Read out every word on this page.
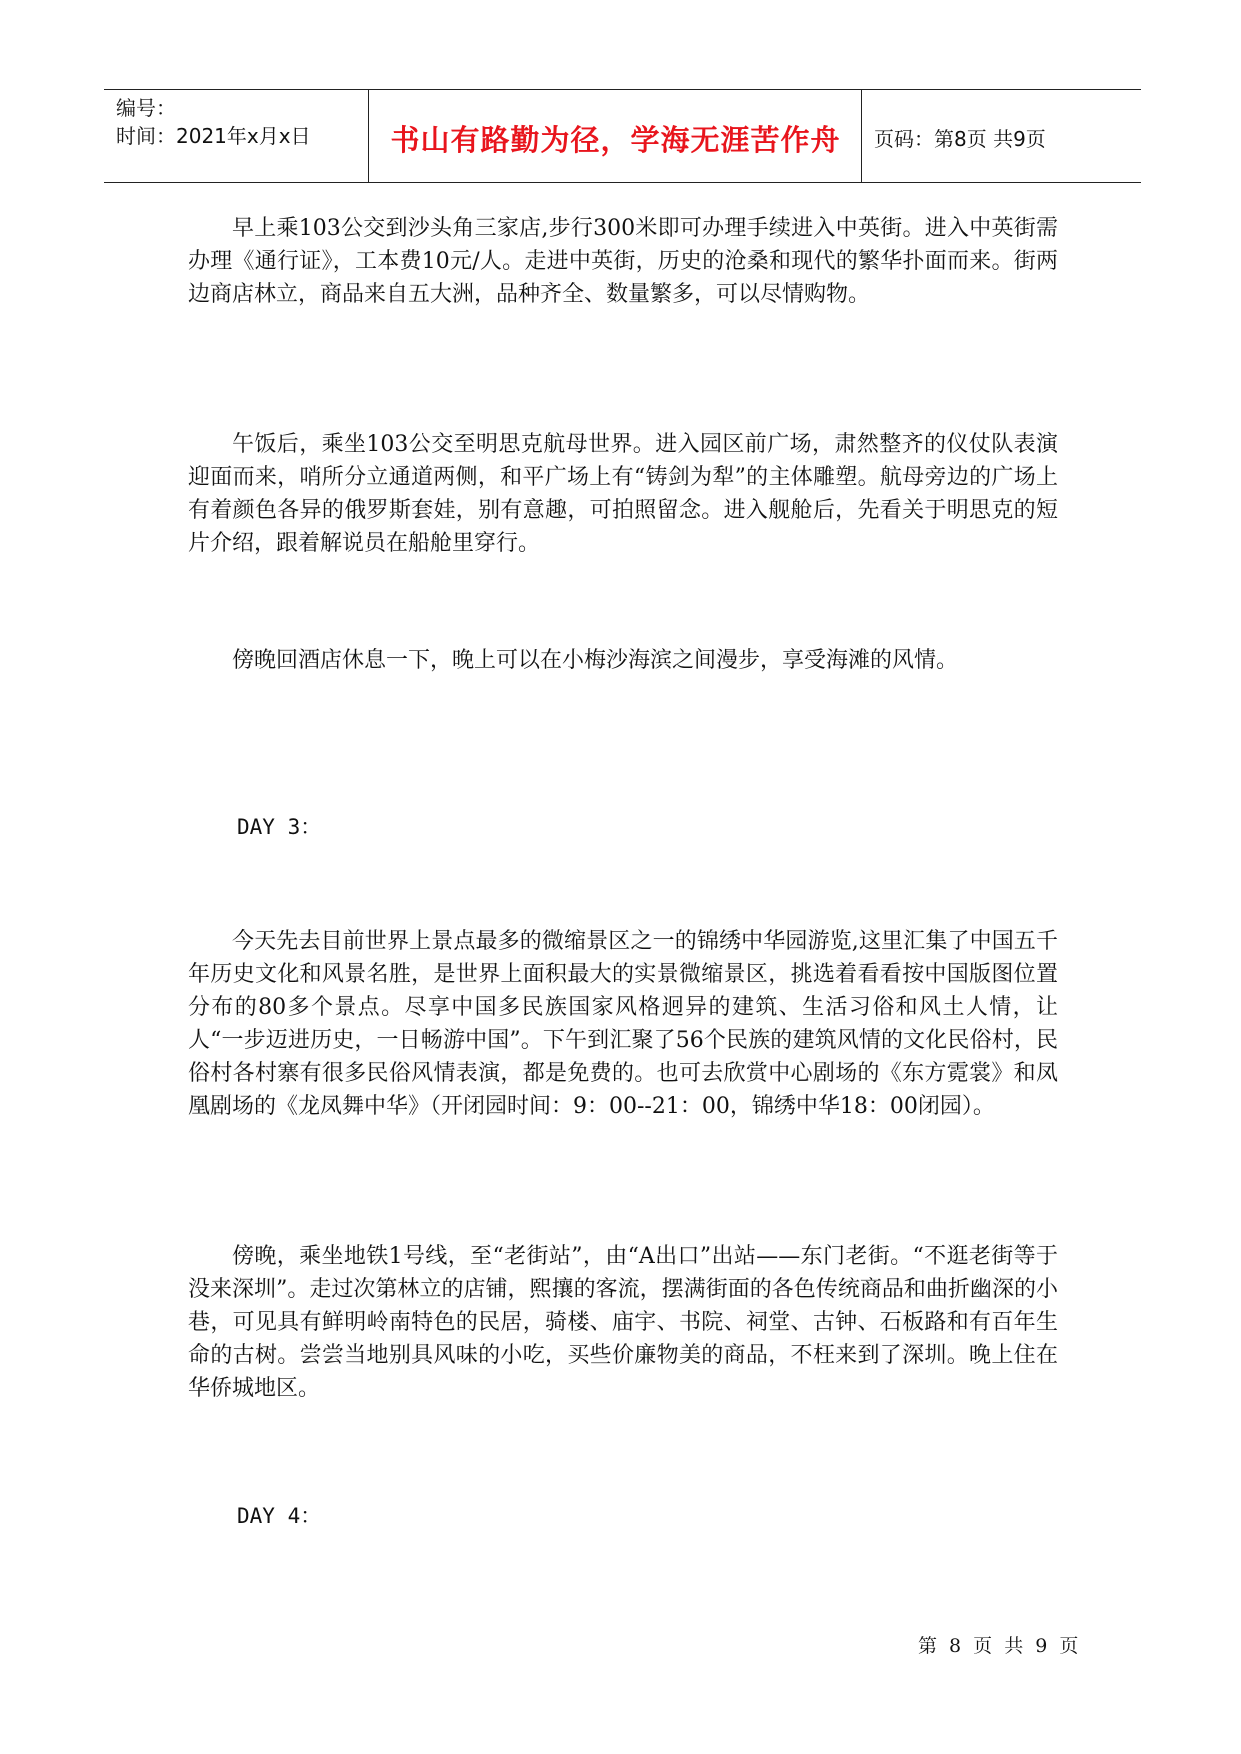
编号：
时间：2021年x月x日	书山有路勤为径，学海无涯苦作舟	页码：第8页 共9页

早上乘103公交到沙头角三家店,步行300米即可办理手续进入中英街。进入中英街需办理《通行证》，工本费10元/人。走进中英街，历史的沧桑和现代的繁华扑面而来。街两边商店林立，商品来自五大洲，品种齐全、数量繁多，可以尽情购物。

午饭后，乘坐103公交至明思克航母世界。进入园区前广场，肃然整齐的仪仗队表演迎面而来，哨所分立通道两侧，和平广场上有“铸剑为犁”的主体雕塑。航母旁边的广场上有着颜色各异的俄罗斯套娃，别有意趣，可拍照留念。进入舰舱后，先看关于明思克的短片介绍，跟着解说员在船舱里穿行。

傍晚回酒店休息一下，晚上可以在小梅沙海滨之间漫步，享受海滩的风情。

DAY 3：

今天先去目前世界上景点最多的微缩景区之一的锦绣中华园游览,这里汇集了中国五千年历史文化和风景名胜，是世界上面积最大的实景微缩景区，挑选着看看按中国版图位置分布的80多个景点。尽享中国多民族国家风格迥异的建筑、生活习俗和风土人情，让人“一步迈进历史，一日畅游中国”。下午到汇聚了56个民族的建筑风情的文化民俗村，民俗村各村寨有很多民俗风情表演，都是免费的。也可去欣赏中心剧场的《东方霓裳》和凤凰剧场的《龙凤舞中华》（开闭园时间：9：00--21：00，锦绣中华18：00闭园）。

傍晚，乘坐地铁1号线，至“老街站”，由“A出口”出站——东门老街。“不逛老街等于没来深圳”。走过次第林立的店铺，熙攘的客流，摆满街面的各色传统商品和曲折幽深的小巷，可见具有鲜明岭南特色的民居，骑楼、庙宇、书院、祠堂、古钟、石板路和有百年生命的古树。尝尝当地别具风味的小吃，买些价廉物美的商品，不枉来到了深圳。晚上住在华侨城地区。

DAY 4：

第 8 页 共 9 页
